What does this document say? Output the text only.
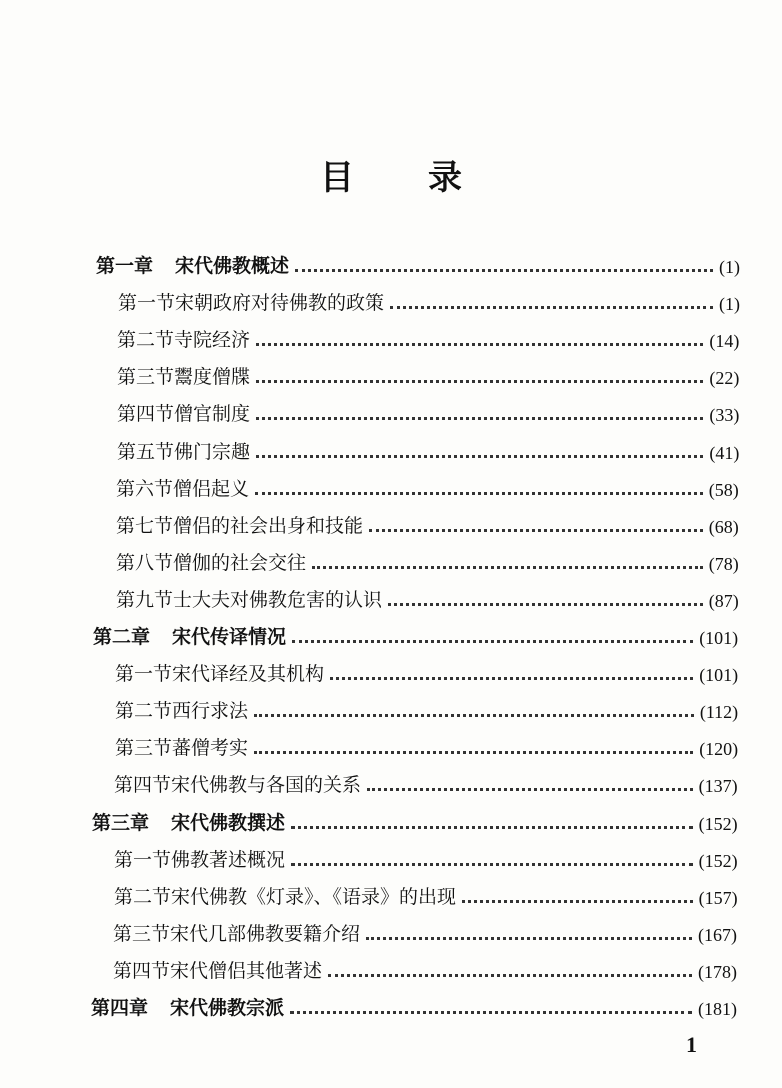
目 录
第一章 宋代佛教概述	(1)
第一节宋朝政府对待佛教的政策	(1)
第二节寺院经济	(14)
第三节鬻度僧牒	(22)
第四节僧官制度	(33)
第五节佛门宗趣	(41)
第六节僧侣起义	(58)
第七节僧侣的社会出身和技能	(68)
第八节僧伽的社会交往	(78)
第九节士大夫对佛教危害的认识	(87)
第二章 宋代传译情况	(101)
第一节宋代译经及其机构	(101)
第二节西行求法	(112)
第三节蕃僧考实	(120)
第四节宋代佛教与各国的关系	(137)
第三章 宋代佛教撰述	(152)
第一节佛教著述概况	(152)
第二节宋代佛教《灯录》、《语录》的出现	(157)
第三节宋代几部佛教要籍介绍	(167)
第四节宋代僧侣其他著述	(178)
第四章 宋代佛教宗派	(181)
1
